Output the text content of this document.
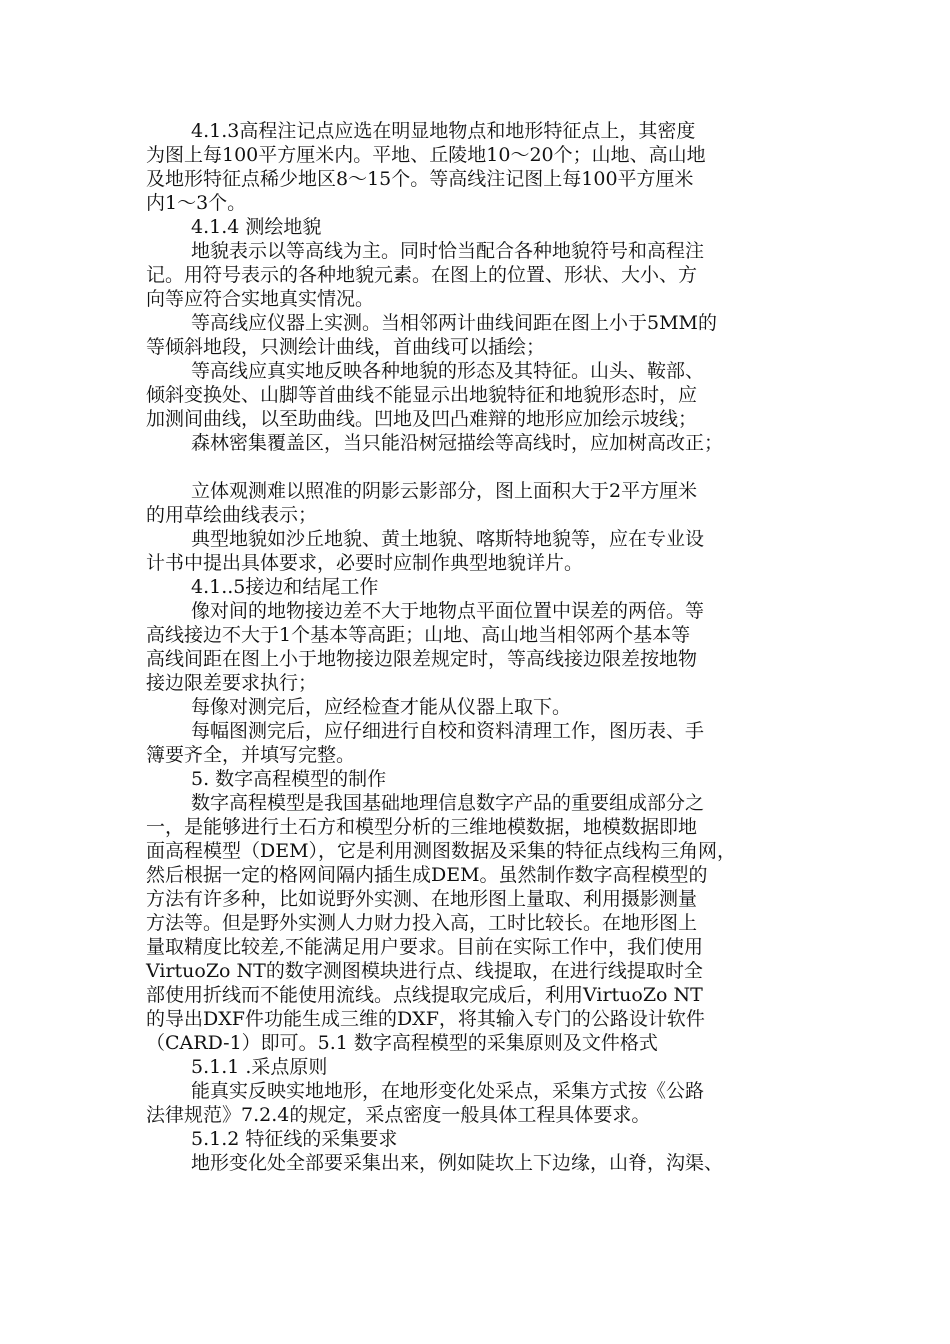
4.1.3高程注记点应选在明显地物点和地形特征点上，其密度
为图上每100平方厘米内。平地、丘陵地10～20个；山地、高山地
及地形特征点稀少地区8～15个。等高线注记图上每100平方厘米
内1～3个。
4.1.4 测绘地貌
地貌表示以等高线为主。同时恰当配合各种地貌符号和高程注
记。用符号表示的各种地貌元素。在图上的位置、形状、大小、方
向等应符合实地真实情况。
等高线应仪器上实测。当相邻两计曲线间距在图上小于5MM的
等倾斜地段，只测绘计曲线，首曲线可以插绘；
等高线应真实地反映各种地貌的形态及其特征。山头、鞍部、
倾斜变换处、山脚等首曲线不能显示出地貌特征和地貌形态时，应
加测间曲线，以至助曲线。凹地及凹凸难辩的地形应加绘示坡线；
森林密集覆盖区，当只能沿树冠描绘等高线时，应加树高改正；
立体观测难以照准的阴影云影部分，图上面积大于2平方厘米
的用草绘曲线表示；
典型地貌如沙丘地貌、黄土地貌、喀斯特地貌等，应在专业设
计书中提出具体要求，必要时应制作典型地貌详片。
4.1..5接边和结尾工作
像对间的地物接边差不大于地物点平面位置中误差的两倍。等
高线接边不大于1个基本等高距；山地、高山地当相邻两个基本等
高线间距在图上小于地物接边限差规定时，等高线接边限差按地物
接边限差要求执行；
每像对测完后，应经检查才能从仪器上取下。
每幅图测完后，应仔细进行自校和资料清理工作，图历表、手
簿要齐全，并填写完整。
5. 数字高程模型的制作
数字高程模型是我国基础地理信息数字产品的重要组成部分之
一，是能够进行土石方和模型分析的三维地模数据，地模数据即地
面高程模型（DEM），它是利用测图数据及采集的特征点线构三角网，
然后根据一定的格网间隔内插生成DEM。虽然制作数字高程模型的
方法有许多种，比如说野外实测、在地形图上量取、利用摄影测量
方法等。但是野外实测人力财力投入高，工时比较长。在地形图上
量取精度比较差,不能满足用户要求。目前在实际工作中，我们使用
VirtuoZo NT的数字测图模块进行点、线提取，在进行线提取时全
部使用折线而不能使用流线。点线提取完成后，利用VirtuoZo NT
的导出DXF件功能生成三维的DXF，将其输入专门的公路设计软件
（CARD-1）即可。5.1 数字高程模型的采集原则及文件格式
5.1.1 .采点原则
能真实反映实地地形，在地形变化处采点，采集方式按《公路
法律规范》7.2.4的规定，采点密度一般具体工程具体要求。
5.1.2 特征线的采集要求
地形变化处全部要采集出来，例如陡坎上下边缘，山脊，沟渠、
